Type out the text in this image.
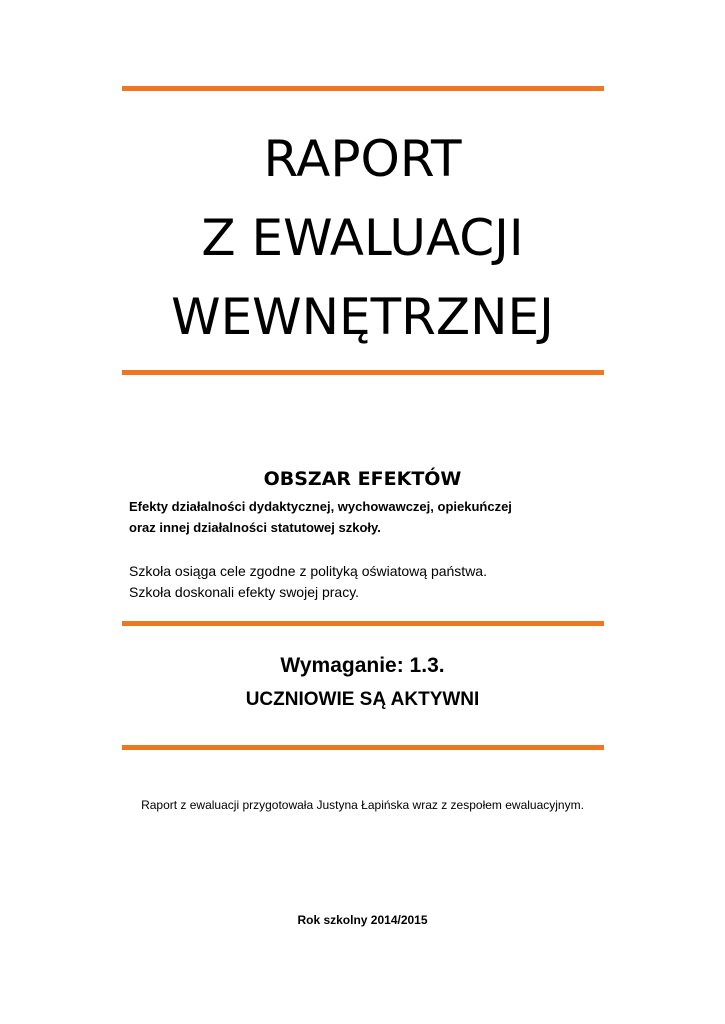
RAPORT
Z EWALUACJI
WEWNĘTRZNEJ
OBSZAR EFEKTÓW

Efekty działalności dydaktycznej, wychowawczej, opiekuńczej
oraz innej działalności statutowej szkoły.

Szkoła osiąga cele zgodne z polityką oświatową państwa.
Szkoła doskonali efekty swojej pracy.

Wymaganie: 1.3.
UCZNIOWIE SĄ AKTYWNI

Raport z ewaluacji przygotowała Justyna Łapińska wraz z zespołem ewaluacyjnym.

Rok szkolny 2014/2015
